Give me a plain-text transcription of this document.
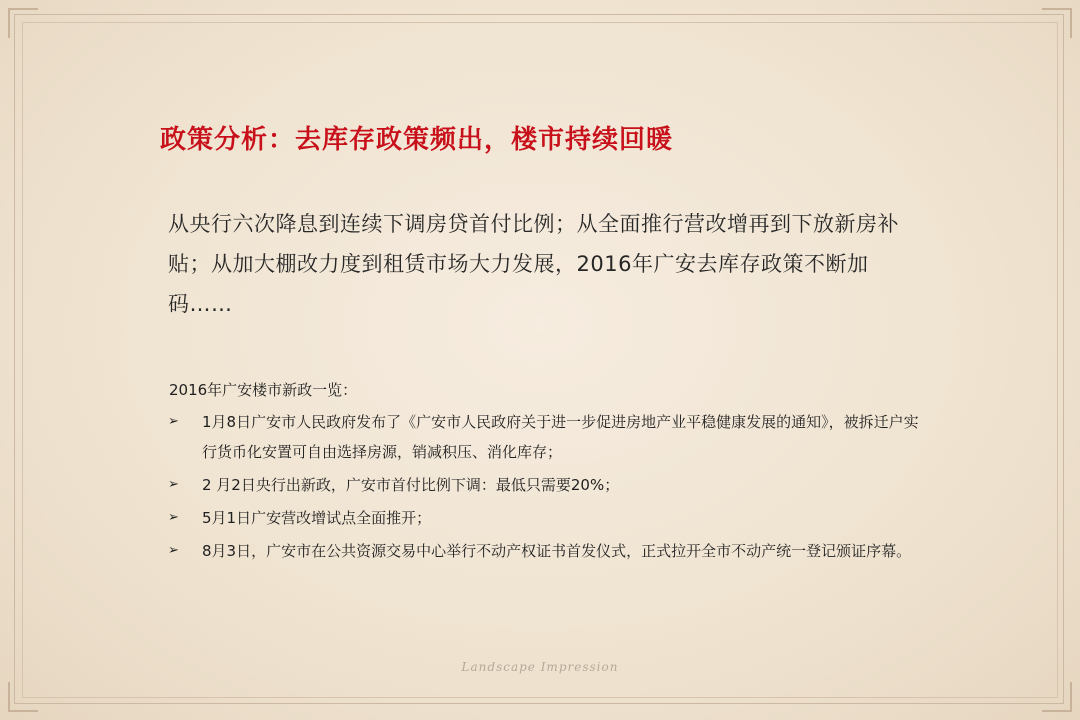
政策分析：去库存政策频出，楼市持续回暖
从央行六次降息到连续下调房贷首付比例；从全面推行营改增再到下放新房补贴；从加大棚改力度到租赁市场大力发展，2016年广安去库存政策不断加码……
2016年广安楼市新政一览：
➢ 1月8日广安市人民政府发布了《广安市人民政府关于进一步促进房地产业平稳健康发展的通知》，被拆迁户实行货币化安置可自由选择房源，销减积压、消化库存；
➢ 2 月2日央行出新政，广安市首付比例下调：最低只需要20%；
➢ 5月1日广安营改增试点全面推开；
➢ 8月3日，广安市在公共资源交易中心举行不动产权证书首发仪式，正式拉开全市不动产统一登记颁证序幕。
Landscape Impression
